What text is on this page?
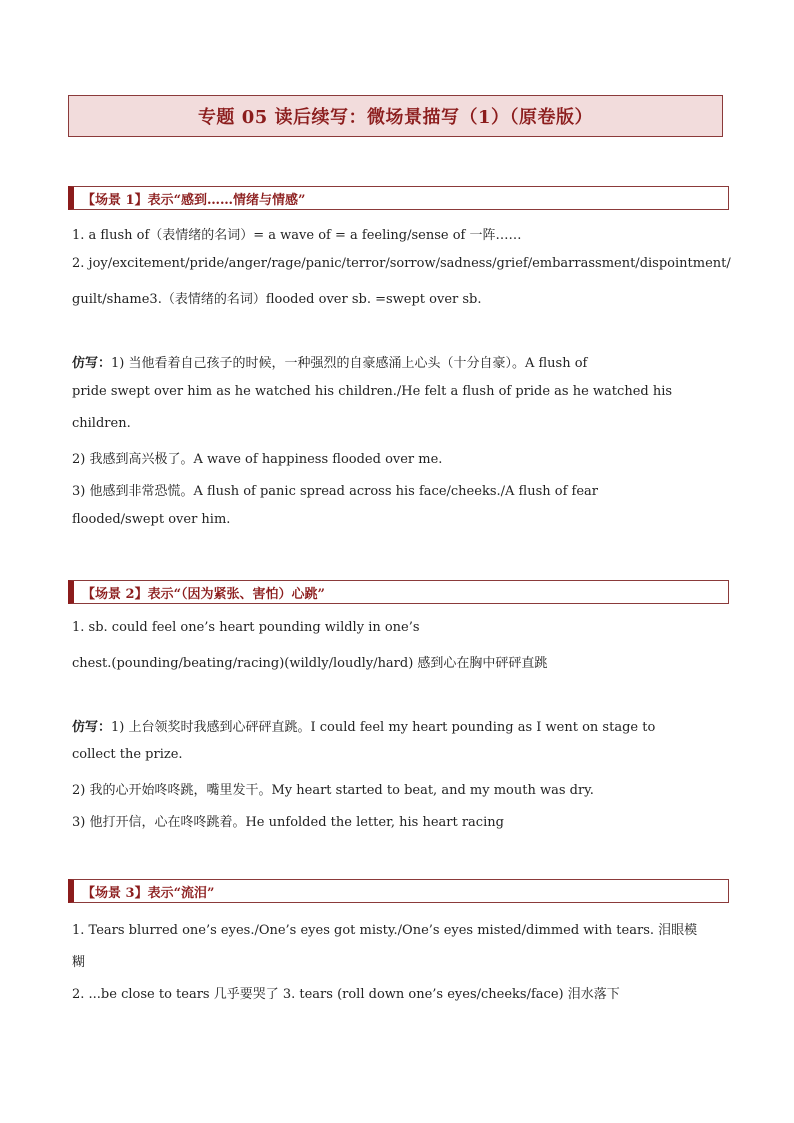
专题 05 读后续写：微场景描写（1）（原卷版）
【场景 1】表示“感到……情绪与情感”
1. a flush of（表情绪的名词）= a wave of = a feeling/sense of 一阵……
2. joy/excitement/pride/anger/rage/panic/terror/sorrow/sadness/grief/embarrassment/dispointment/
guilt/shame3.（表情绪的名词）flooded over sb. =swept over sb.
仿写：1) 当他看着自己孩子的时候，一种强烈的自豪感涌上心头（十分自豪）。A flush of
pride swept over him as he watched his children./He felt a flush of pride as he watched his
children.
2) 我感到高兴极了。A wave of happiness flooded over me.
3) 他感到非常恐慌。A flush of panic spread across his face/cheeks./A flush of fear
flooded/swept over him.
【场景 2】表示“（因为紧张、害怕）心跳”
1. sb. could feel one’s heart pounding wildly in one’s
chest.(pounding/beating/racing)(wildly/loudly/hard) 感到心在胸中砰砰直跳
仿写：1) 上台领奖时我感到心砰砰直跳。I could feel my heart pounding as I went on stage to
collect the prize.
2) 我的心开始咚咚跳，嘴里发干。My heart started to beat, and my mouth was dry.
3) 他打开信，心在咚咚跳着。He unfolded the letter, his heart racing
【场景 3】表示“流泪”
1. Tears blurred one’s eyes./One’s eyes got misty./One’s eyes misted/dimmed with tears. 泪眼模
糊
2. ...be close to tears 几乎要哭了 3. tears (roll down one’s eyes/cheeks/face) 泪水落下
